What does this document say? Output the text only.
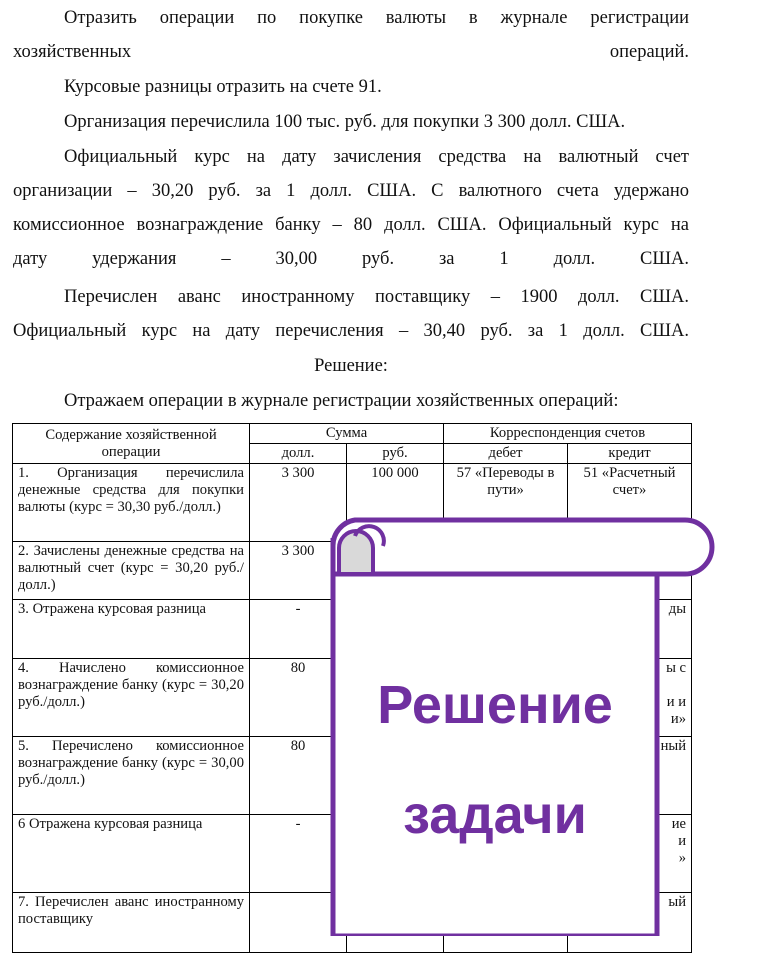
Отразить операции по покупке валюты в журнале регистрации
хозяйственных операций.

Курсовые разницы отразить на счете 91.

Организация перечислила 100 тыс. руб. для покупки 3 300 долл. США.

Официальный курс на дату зачисления средства на валютный счет
организации – 30,20 руб. за 1 долл. США. С валютного счета удержано
комиссионное вознаграждение банку – 80 долл. США. Официальный курс на
дату удержания – 30,00 руб. за 1 долл. США.

Перечислен аванс иностранному поставщику – 1900 долл. США.
Официальный курс на дату перечисления – 30,40 руб. за 1 долл. США.

Решение:

Отражаем операции в журнале регистрации хозяйственных операций:

Содержание хозяйственной операции	Сумма		Корреспонденция счетов	
	долл.	руб.	дебет	кредит
1. Организация перечислила денежные средства для покупки валюты (курс = 30,30 руб./долл.)	3 300	100 000	57 «Переводы в пути»	51 «Расчетный счет»
2. Зачислены денежные средства на валютный счет (курс = 30,20 руб./долл.)	3 300			
3. Отражена курсовая разница	-			ды
4. Начислено комиссионное вознаграждение банку (курс = 30,20 руб./долл.)	80			ы с

и и
и»
5. Перечислено комиссионное вознаграждение банку (курс = 30,00 руб./долл.)	80			ный
6 Отражена курсовая разница	-			ие
и
»
7. Перечислен аванс иностранному поставщику				ый
Решение
задачи
